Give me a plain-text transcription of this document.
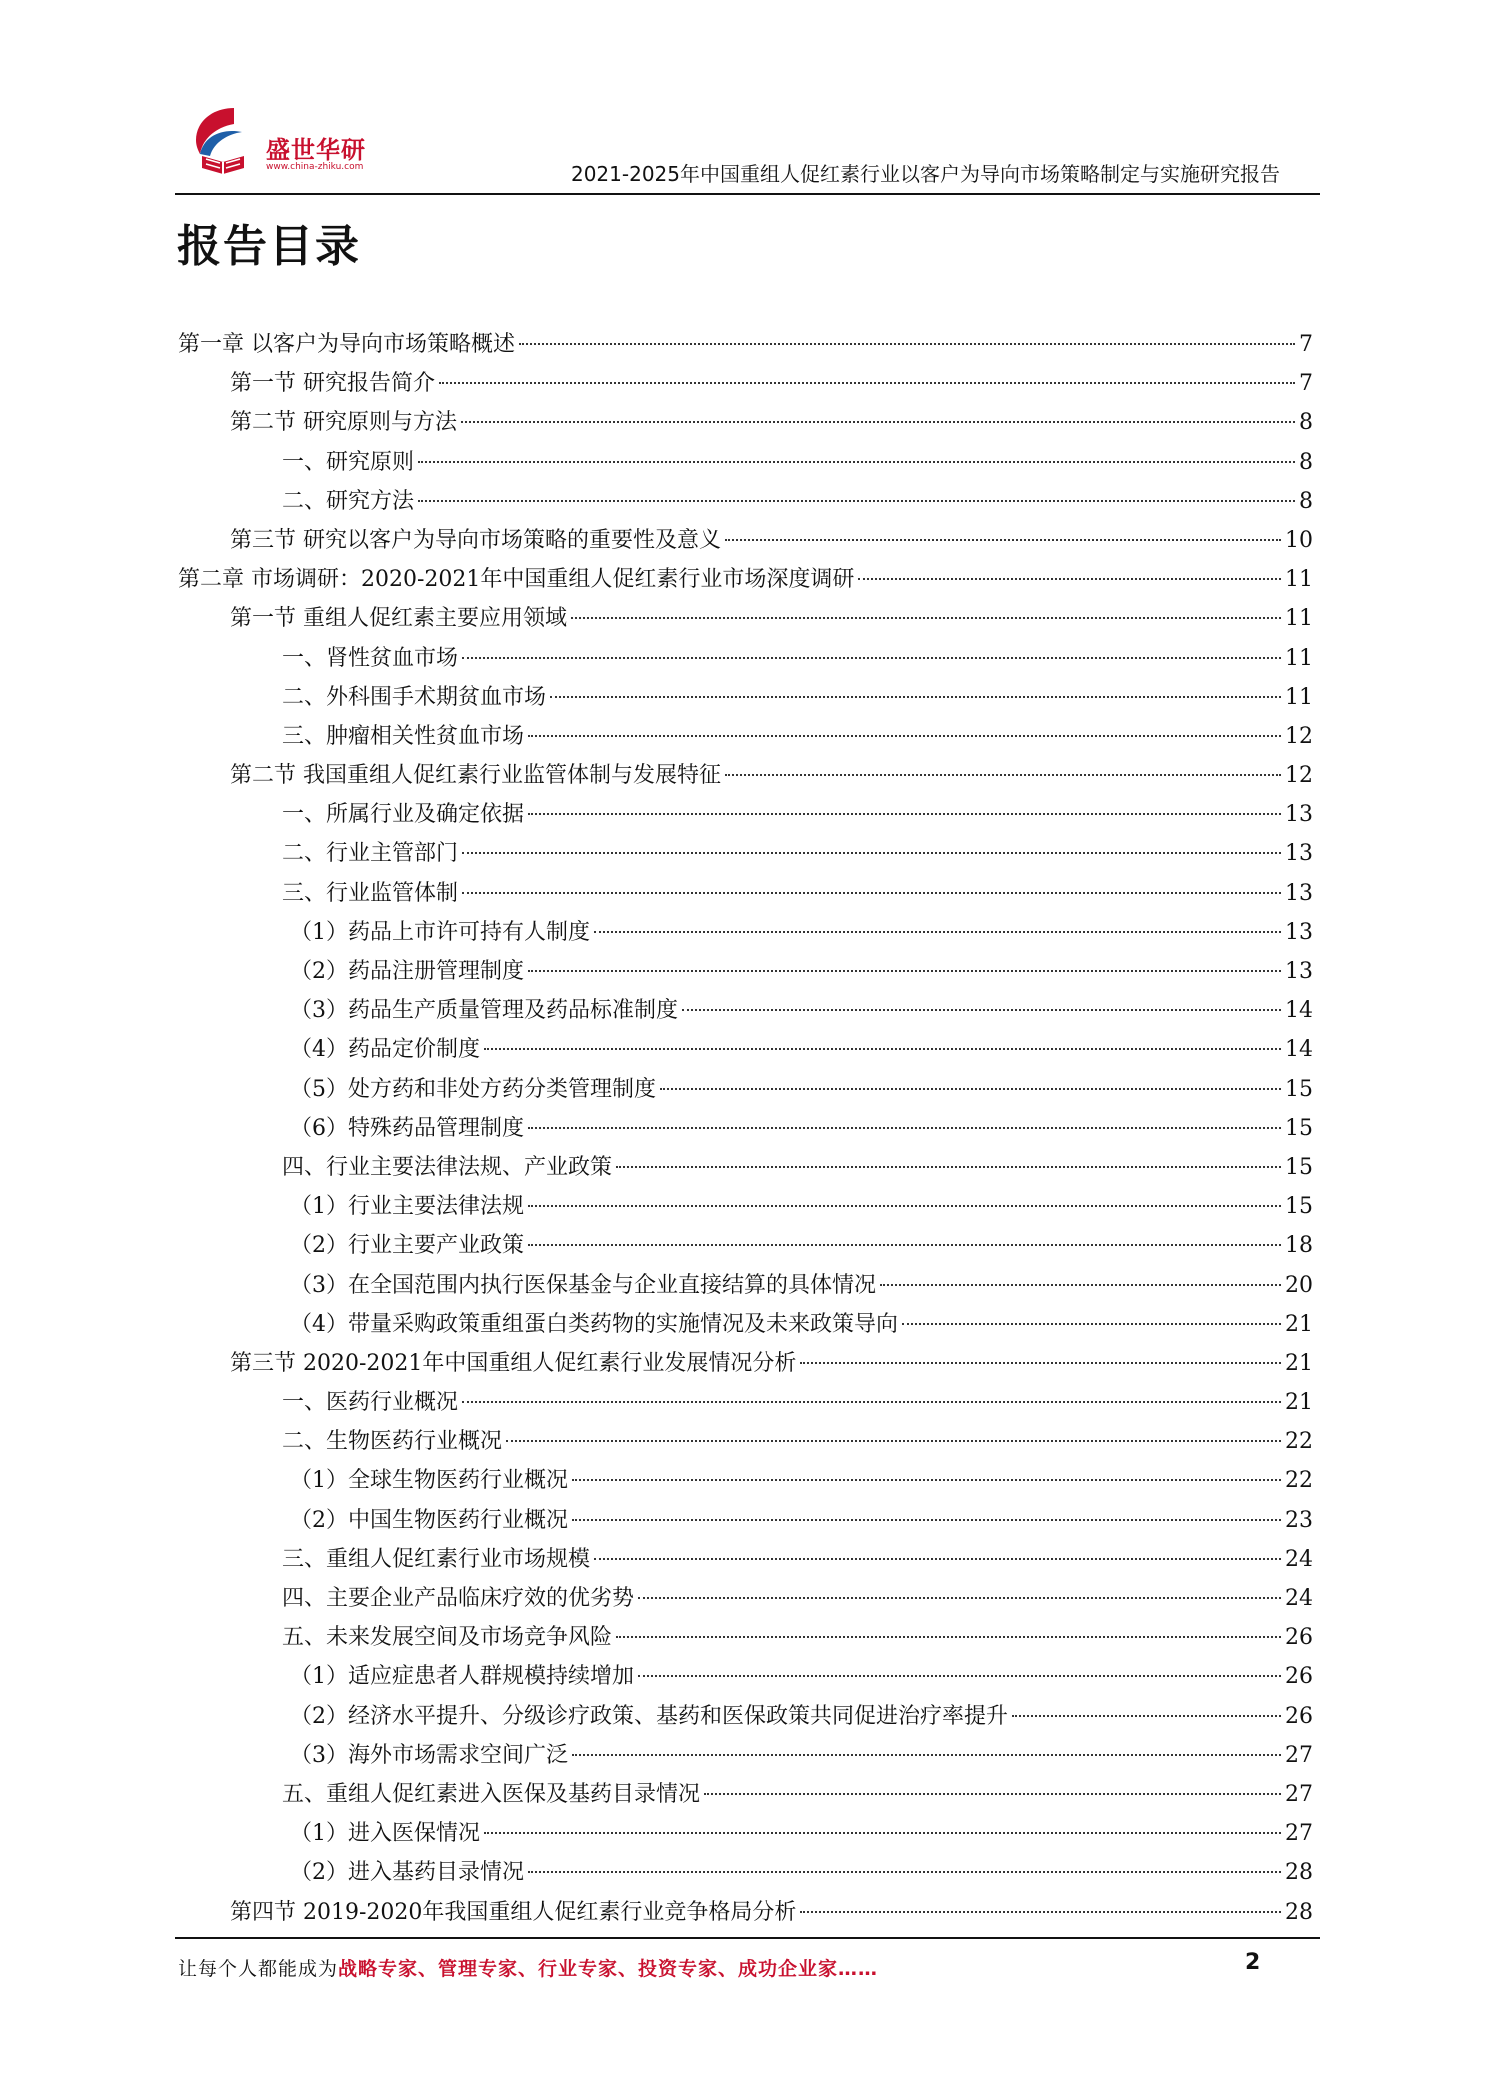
盛世华研
www.china-zhiku.com	2021-2025年中国重组人促红素行业以客户为导向市场策略制定与实施研究报告
报告目录
第一章 以客户为导向市场策略概述	7
第一节 研究报告简介	7
第二节 研究原则与方法	8
一、研究原则	8
二、研究方法	8
第三节 研究以客户为导向市场策略的重要性及意义	10
第二章 市场调研：2020-2021年中国重组人促红素行业市场深度调研	11
第一节 重组人促红素主要应用领域	11
一、肾性贫血市场	11
二、外科围手术期贫血市场	11
三、肿瘤相关性贫血市场	12
第二节 我国重组人促红素行业监管体制与发展特征	12
一、所属行业及确定依据	13
二、行业主管部门	13
三、行业监管体制	13
（1）药品上市许可持有人制度	13
（2）药品注册管理制度	13
（3）药品生产质量管理及药品标准制度	14
（4）药品定价制度	14
（5）处方药和非处方药分类管理制度	15
（6）特殊药品管理制度	15
四、行业主要法律法规、产业政策	15
（1）行业主要法律法规	15
（2）行业主要产业政策	18
（3）在全国范围内执行医保基金与企业直接结算的具体情况	20
（4）带量采购政策重组蛋白类药物的实施情况及未来政策导向	21
第三节 2020-2021年中国重组人促红素行业发展情况分析	21
一、医药行业概况	21
二、生物医药行业概况	22
（1）全球生物医药行业概况	22
（2）中国生物医药行业概况	23
三、重组人促红素行业市场规模	24
四、主要企业产品临床疗效的优劣势	24
五、未来发展空间及市场竞争风险	26
（1）适应症患者人群规模持续增加	26
（2）经济水平提升、分级诊疗政策、基药和医保政策共同促进治疗率提升	26
（3）海外市场需求空间广泛	27
五、重组人促红素进入医保及基药目录情况	27
（1）进入医保情况	27
（2）进入基药目录情况	28
第四节 2019-2020年我国重组人促红素行业竞争格局分析	28
让每个人都能成为战略专家、管理专家、行业专家、投资专家、成功企业家……	2
